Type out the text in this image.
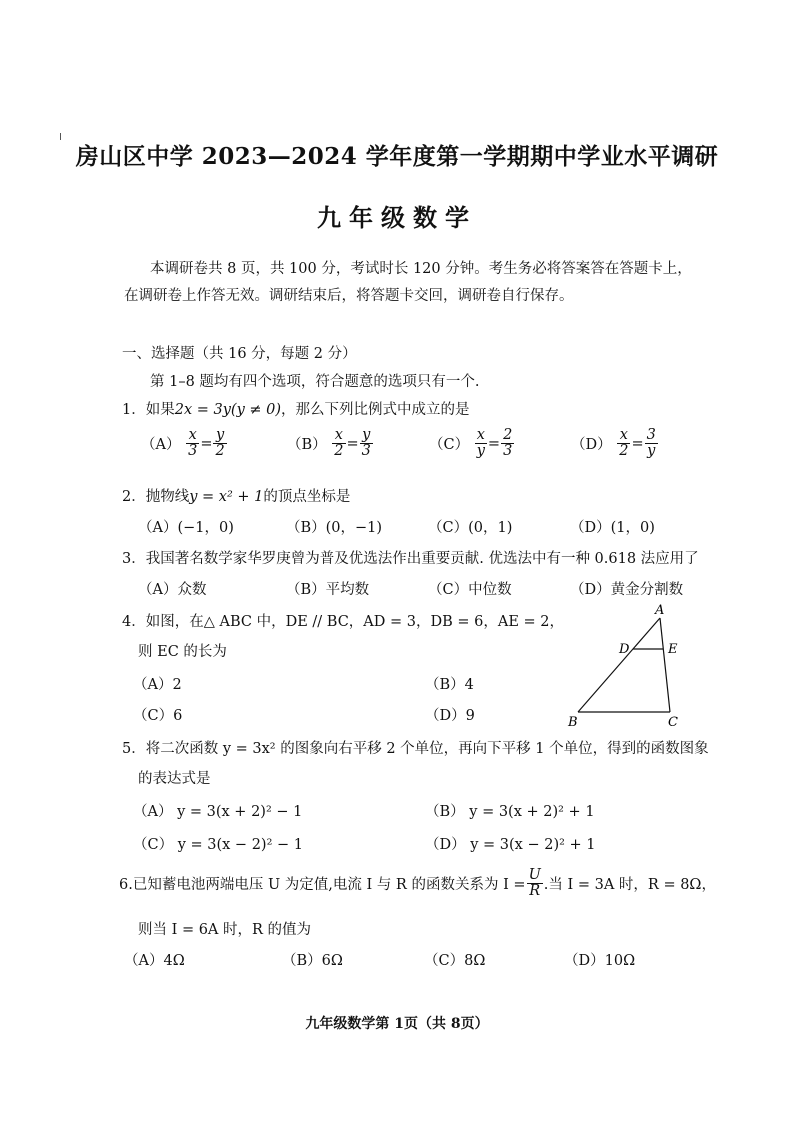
房山区中学 2023—2024 学年度第一学期期中学业水平调研
九年级数学
本调研卷共 8 页，共 100 分，考试时长 120 分钟。考生务必将答案答在答题卡上，
在调研卷上作答无效。调研结束后，将答题卡交回，调研卷自行保存。
一、选择题（共 16 分，每题 2 分）
第 1–8 题均有四个选项，符合题意的选项只有一个.
1．如果2x = 3y(y ≠ 0)，那么下列比例式中成立的是
$(A) \frac{x}{3} = \frac{y}{2}$	$(B) \frac{x}{2} = \frac{y}{3}$	$(C) \frac{x}{y} = \frac{2}{3}$	$(D) \frac{x}{2} = \frac{3}{y}$
2．抛物线y = x² + 1的顶点坐标是
（A）(−1，0)	（B）(0，−1)	（C）(0，1)	（D）(1，0)
3．我国著名数学家华罗庚曾为普及优选法作出重要贡献. 优选法中有一种 0.618 法应用了
（A）众数	（B）平均数	（C）中位数	（D）黄金分割数
4．如图，在△ ABC 中，DE // BC，AD = 3，DB = 6，AE = 2，
则 EC 的长为
（A）2	（B）4
（C）6	（D）9
A
B	C
D	E
5．将二次函数 y = 3x² 的图象向右平移 2 个单位，再向下平移 1 个单位，得到的函数图象
的表达式是
（A） y = 3(x + 2)² − 1	（B） y = 3(x + 2)² + 1
（C） y = 3(x − 2)² − 1	（D） y = 3(x − 2)² + 1
6.已知蓄电池两端电压 U 为定值,电流 I 与 R 的函数关系为 $I = \frac{U}{R}$ .当 I = 3A 时，R = 8Ω，
则当 I = 6A 时，R 的值为
（A）4Ω	（B）6Ω	（C）8Ω	（D）10Ω
九年级数学第 1页（共 8页）
